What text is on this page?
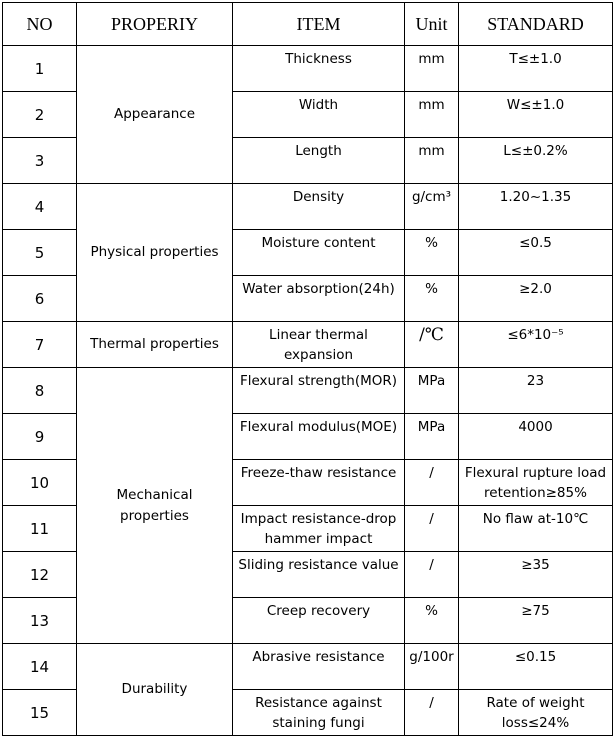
NO	PROPERIY	ITEM	Unit	STANDARD
1	Appearance	Thickness	mm	T≤±1.0
2		Width	mm	W≤±1.0
3		Length	mm	L≤±0.2%
4	Physical properties	Density	g/cm³	1.20~1.35
5		Moisture content	%	≤0.5
6		Water absorption(24h)	%	≥2.0
7	Thermal properties	Linear thermal expansion	/℃	≤6*10⁻⁵
8	Mechanical properties	Flexural strength(MOR)	MPa	23
9		Flexural modulus(MOE)	MPa	4000
10		Freeze-thaw resistance	/	Flexural rupture load retention≥85%
11		Impact resistance-drop hammer impact	/	No flaw at-10℃
12		Sliding resistance value	/	≥35
13		Creep recovery	%	≥75
14	Durability	Abrasive resistance	g/100r	≤0.15
15		Resistance against staining fungi	/	Rate of weight loss≤24%
